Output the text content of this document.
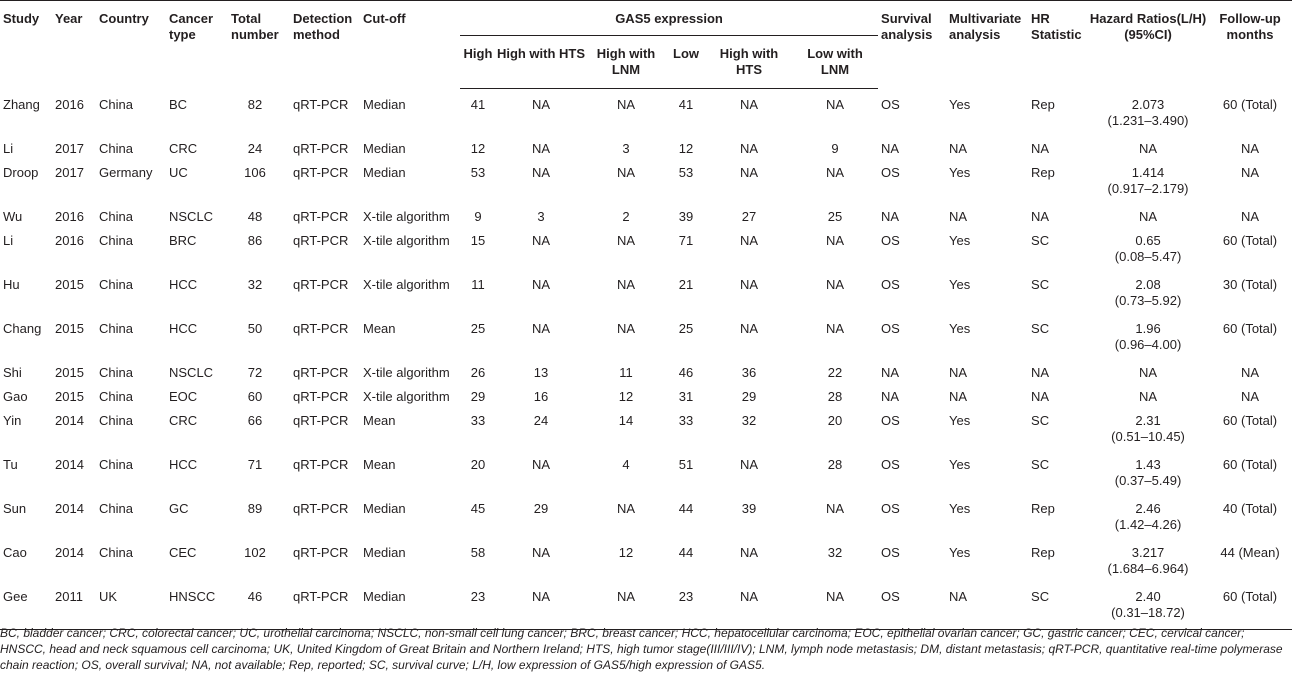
Study	Year	Country	Cancer type	Total number	Detection method	Cut-off	GAS5 expression						Survival analysis	Multivariate analysis	HR Statistic	Hazard Ratios(L/H) (95%CI)	Follow-up months
							High	High with HTS	High with LNM	Low	High with HTS	Low with LNM					
Zhang	2016	China	BC	82	qRT-PCR	Median	41	NA	NA	41	NA	NA	OS	Yes	Rep	2.073
(1.231–3.490)	60 (Total)
Li	2017	China	CRC	24	qRT-PCR	Median	12	NA	3	12	NA	9	NA	NA	NA	NA	NA
Droop	2017	Germany	UC	106	qRT-PCR	Median	53	NA	NA	53	NA	NA	OS	Yes	Rep	1.414
(0.917–2.179)	NA
Wu	2016	China	NSCLC	48	qRT-PCR	X-tile algorithm	9	3	2	39	27	25	NA	NA	NA	NA	NA
Li	2016	China	BRC	86	qRT-PCR	X-tile algorithm	15	NA	NA	71	NA	NA	OS	Yes	SC	0.65
(0.08–5.47)	60 (Total)
Hu	2015	China	HCC	32	qRT-PCR	X-tile algorithm	11	NA	NA	21	NA	NA	OS	Yes	SC	2.08
(0.73–5.92)	30 (Total)
Chang	2015	China	HCC	50	qRT-PCR	Mean	25	NA	NA	25	NA	NA	OS	Yes	SC	1.96
(0.96–4.00)	60 (Total)
Shi	2015	China	NSCLC	72	qRT-PCR	X-tile algorithm	26	13	11	46	36	22	NA	NA	NA	NA	NA
Gao	2015	China	EOC	60	qRT-PCR	X-tile algorithm	29	16	12	31	29	28	NA	NA	NA	NA	NA
Yin	2014	China	CRC	66	qRT-PCR	Mean	33	24	14	33	32	20	OS	Yes	SC	2.31
(0.51–10.45)	60 (Total)
Tu	2014	China	HCC	71	qRT-PCR	Mean	20	NA	4	51	NA	28	OS	Yes	SC	1.43
(0.37–5.49)	60 (Total)
Sun	2014	China	GC	89	qRT-PCR	Median	45	29	NA	44	39	NA	OS	Yes	Rep	2.46
(1.42–4.26)	40 (Total)
Cao	2014	China	CEC	102	qRT-PCR	Median	58	NA	12	44	NA	32	OS	Yes	Rep	3.217
(1.684–6.964)	44 (Mean)
Gee	2011	UK	HNSCC	46	qRT-PCR	Median	23	NA	NA	23	NA	NA	OS	NA	SC	2.40
(0.31–18.72)	60 (Total)
BC, bladder cancer; CRC, colorectal cancer; UC, urothelial carcinoma; NSCLC, non-small cell lung cancer; BRC, breast cancer; HCC, hepatocellular carcinoma; EOC, epithelial ovarian cancer; GC, gastric cancer; CEC, cervical cancer; HNSCC, head and neck squamous cell carcinoma; UK, United Kingdom of Great Britain and Northern Ireland; HTS, high tumor stage(III/III/IV); LNM, lymph node metastasis; DM, distant metastasis; qRT-PCR, quantitative real-time polymerase chain reaction; OS, overall survival; NA, not available; Rep, reported; SC, survival curve; L/H, low expression of GAS5/high expression of GAS5.
